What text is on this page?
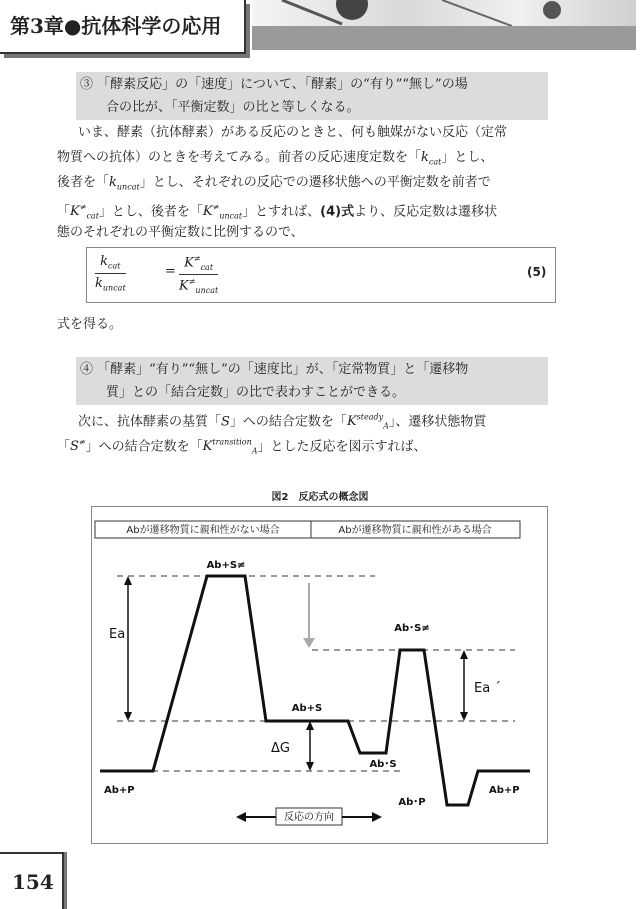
第3章●抗体科学の応用
③ 「酵素反応」の「速度」について、「酵素」の“有り”“無し”の場
合の比が、「平衡定数」の比と等しくなる。
いま、酵素（抗体酵素）がある反応のときと、何も触媒がない反応（定常
物質への抗体）のときを考えてみる。前者の反応速度定数を「$k_{cat}$」とし、
後者を「$k_{uncat}$」とし、それぞれの反応での遷移状態への平衡定数を前者で
「$K^\ne_{cat}$」とし、後者を「$K^\ne_{uncat}$」とすれば、(4)式より、反応定数は遷移状
態のそれぞれの平衡定数に比例するので、
$k_{cat}$
$k_{uncat}$
=
$K^\ne_{cat}$
$K^\ne_{uncat}$
(5)
式を得る。
④ 「酵素」“有り”“無し”の「速度比」が、「定常物質」と「遷移物
質」との「結合定数」の比で表わすことができる。
次に、抗体酵素の基質「S」への結合定数を「$K^{steady}_A$」、遷移状態物質
「S≠」への結合定数を「$K^{transition}_A$」とした反応を図示すれば、
図2　反応式の概念図
Abが遷移物質に親和性がない場合	Abが遷移物質に親和性がある場合
Ab+S≠
Ab･S≠
Ab+S
Ab･S
Ab+P
Ab･P
Ab+P
Ea
Ea ´
ΔG
反応の方向
154
